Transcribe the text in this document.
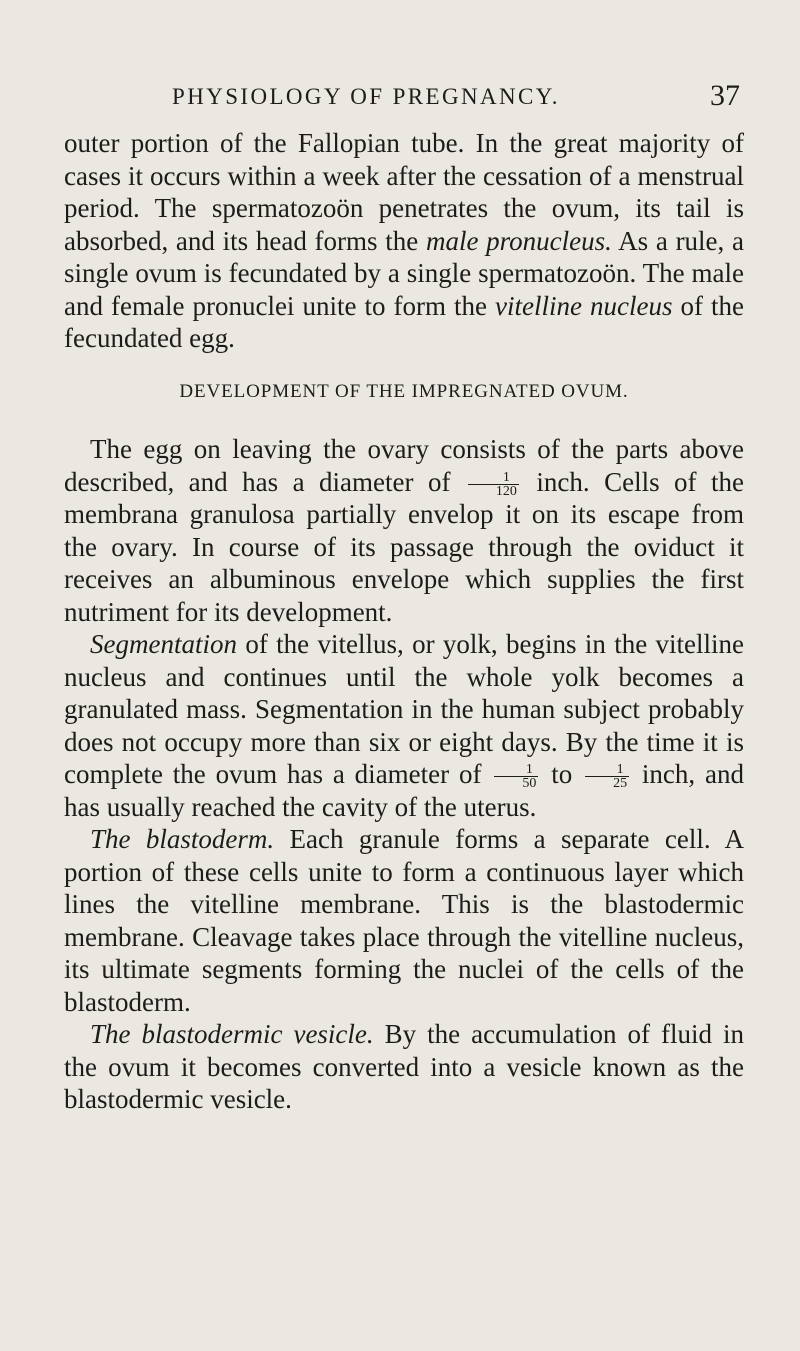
PHYSIOLOGY OF PREGNANCY.	37

outer portion of the Fallopian tube. In the great majority of cases it occurs within a week after the cessation of a menstrual period. The spermatozoön penetrates the ovum, its tail is absorbed, and its head forms the male pronucleus. As a rule, a single ovum is fecundated by a single spermatozoön. The male and female pronuclei unite to form the vitelline nucleus of the fecundated egg.

DEVELOPMENT OF THE IMPREGNATED OVUM.

The egg on leaving the ovary consists of the parts above described, and has a diameter of $\frac{1}{120}$ inch. Cells of the membrana granulosa partially envelop it on its escape from the ovary. In course of its passage through the oviduct it receives an albuminous envelope which supplies the first nutriment for its development.

Segmentation of the vitellus, or yolk, begins in the vitelline nucleus and continues until the whole yolk becomes a granulated mass. Segmentation in the human subject probably does not occupy more than six or eight days. By the time it is complete the ovum has a diameter of $\frac{1}{50}$ to $\frac{1}{25}$ inch, and has usually reached the cavity of the uterus.

The blastoderm. Each granule forms a separate cell. A portion of these cells unite to form a continuous layer which lines the vitelline membrane. This is the blastodermic membrane. Cleavage takes place through the vitelline nucleus, its ultimate segments forming the nuclei of the cells of the blastoderm.

The blastodermic vesicle. By the accumulation of fluid in the ovum it becomes converted into a vesicle known as the blastodermic vesicle.
